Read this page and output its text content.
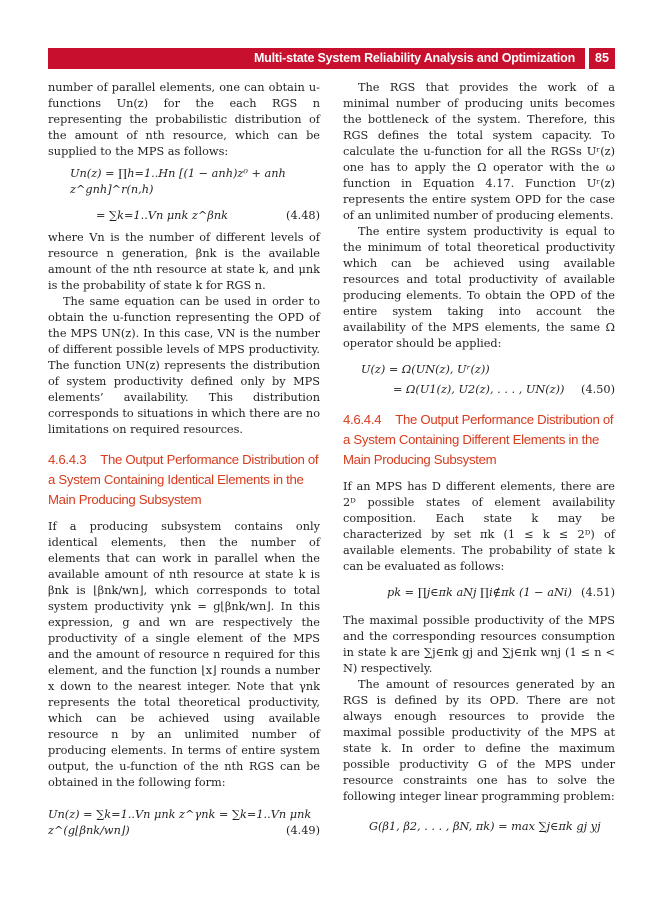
Multi-state System Reliability Analysis and Optimization	85

number of parallel elements, one can obtain u-functions Un(z) for the each RGS n representing the probabilistic distribution of the amount of nth resource, which can be supplied to the MPS as follows:

Un(z) = ∏h=1..Hn [(1 − anh)z⁰ + anh z^gnh]^r(n,h)
= ∑k=1..Vn μnk z^βnk	(4.48)

where Vn is the number of different levels of resource n generation, βnk is the available amount of the nth resource at state k, and μnk is the probability of state k for RGS n.

The same equation can be used in order to obtain the u-function representing the OPD of the MPS UN(z). In this case, VN is the number of different possible levels of MPS productivity. The function UN(z) represents the distribution of system productivity defined only by MPS elements’ availability. This distribution corresponds to situations in which there are no limitations on required resources.

4.6.4.3 The Output Performance Distribution of a System Containing Identical Elements in the Main Producing Subsystem

If a producing subsystem contains only identical elements, then the number of elements that can work in parallel when the available amount of nth resource at state k is βnk is ⌊βnk/wn⌋, which corresponds to total system productivity γnk = g⌊βnk/wn⌋. In this expression, g and wn are respectively the productivity of a single element of the MPS and the amount of resource n required for this element, and the function ⌊x⌋ rounds a number x down to the nearest integer. Note that γnk represents the total theoretical productivity, which can be achieved using available resource n by an unlimited number of producing elements. In terms of entire system output, the u-function of the nth RGS can be obtained in the following form:

Un(z) = ∑k=1..Vn μnk z^γnk = ∑k=1..Vn μnk z^(g⌊βnk/wn⌋)	(4.49)

The RGS that provides the work of a minimal number of producing units becomes the bottleneck of the system. Therefore, this RGS defines the total system capacity. To calculate the u-function for all the RGSs Uʳ(z) one has to apply the Ω operator with the ω function in Equation 4.17. Function Uʳ(z) represents the entire system OPD for the case of an unlimited number of producing elements.

The entire system productivity is equal to the minimum of total theoretical productivity which can be achieved using available resources and total productivity of available producing elements. To obtain the OPD of the entire system taking into account the availability of the MPS elements, the same Ω operator should be applied:

U(z) = Ω(UN(z), Uʳ(z))
= Ω(U1(z), U2(z), . . . , UN(z)) (4.50)
4.6.4.4 The Output Performance Distribution of a System Containing Different Elements in the Main Producing Subsystem

If an MPS has D different elements, there are 2ᴰ possible states of element availability composition. Each state k may be characterized by set πk (1 ≤ k ≤ 2ᴰ) of available elements. The probability of state k can be evaluated as follows:

pk = ∏j∈πk aNj ∏i∉πk (1 − aNi) (4.51)

The maximal possible productivity of the MPS and the corresponding resources consumption in state k are ∑j∈πk gj and ∑j∈πk wnj (1 ≤ n < N) respectively.

The amount of resources generated by an RGS is defined by its OPD. There are not always enough resources to provide the maximal possible productivity of the MPS at state k. In order to define the maximum possible productivity G of the MPS under resource constraints one has to solve the following integer linear programming problem:

G(β1, β2, . . . , βN, πk) = max ∑j∈πk gj yj
